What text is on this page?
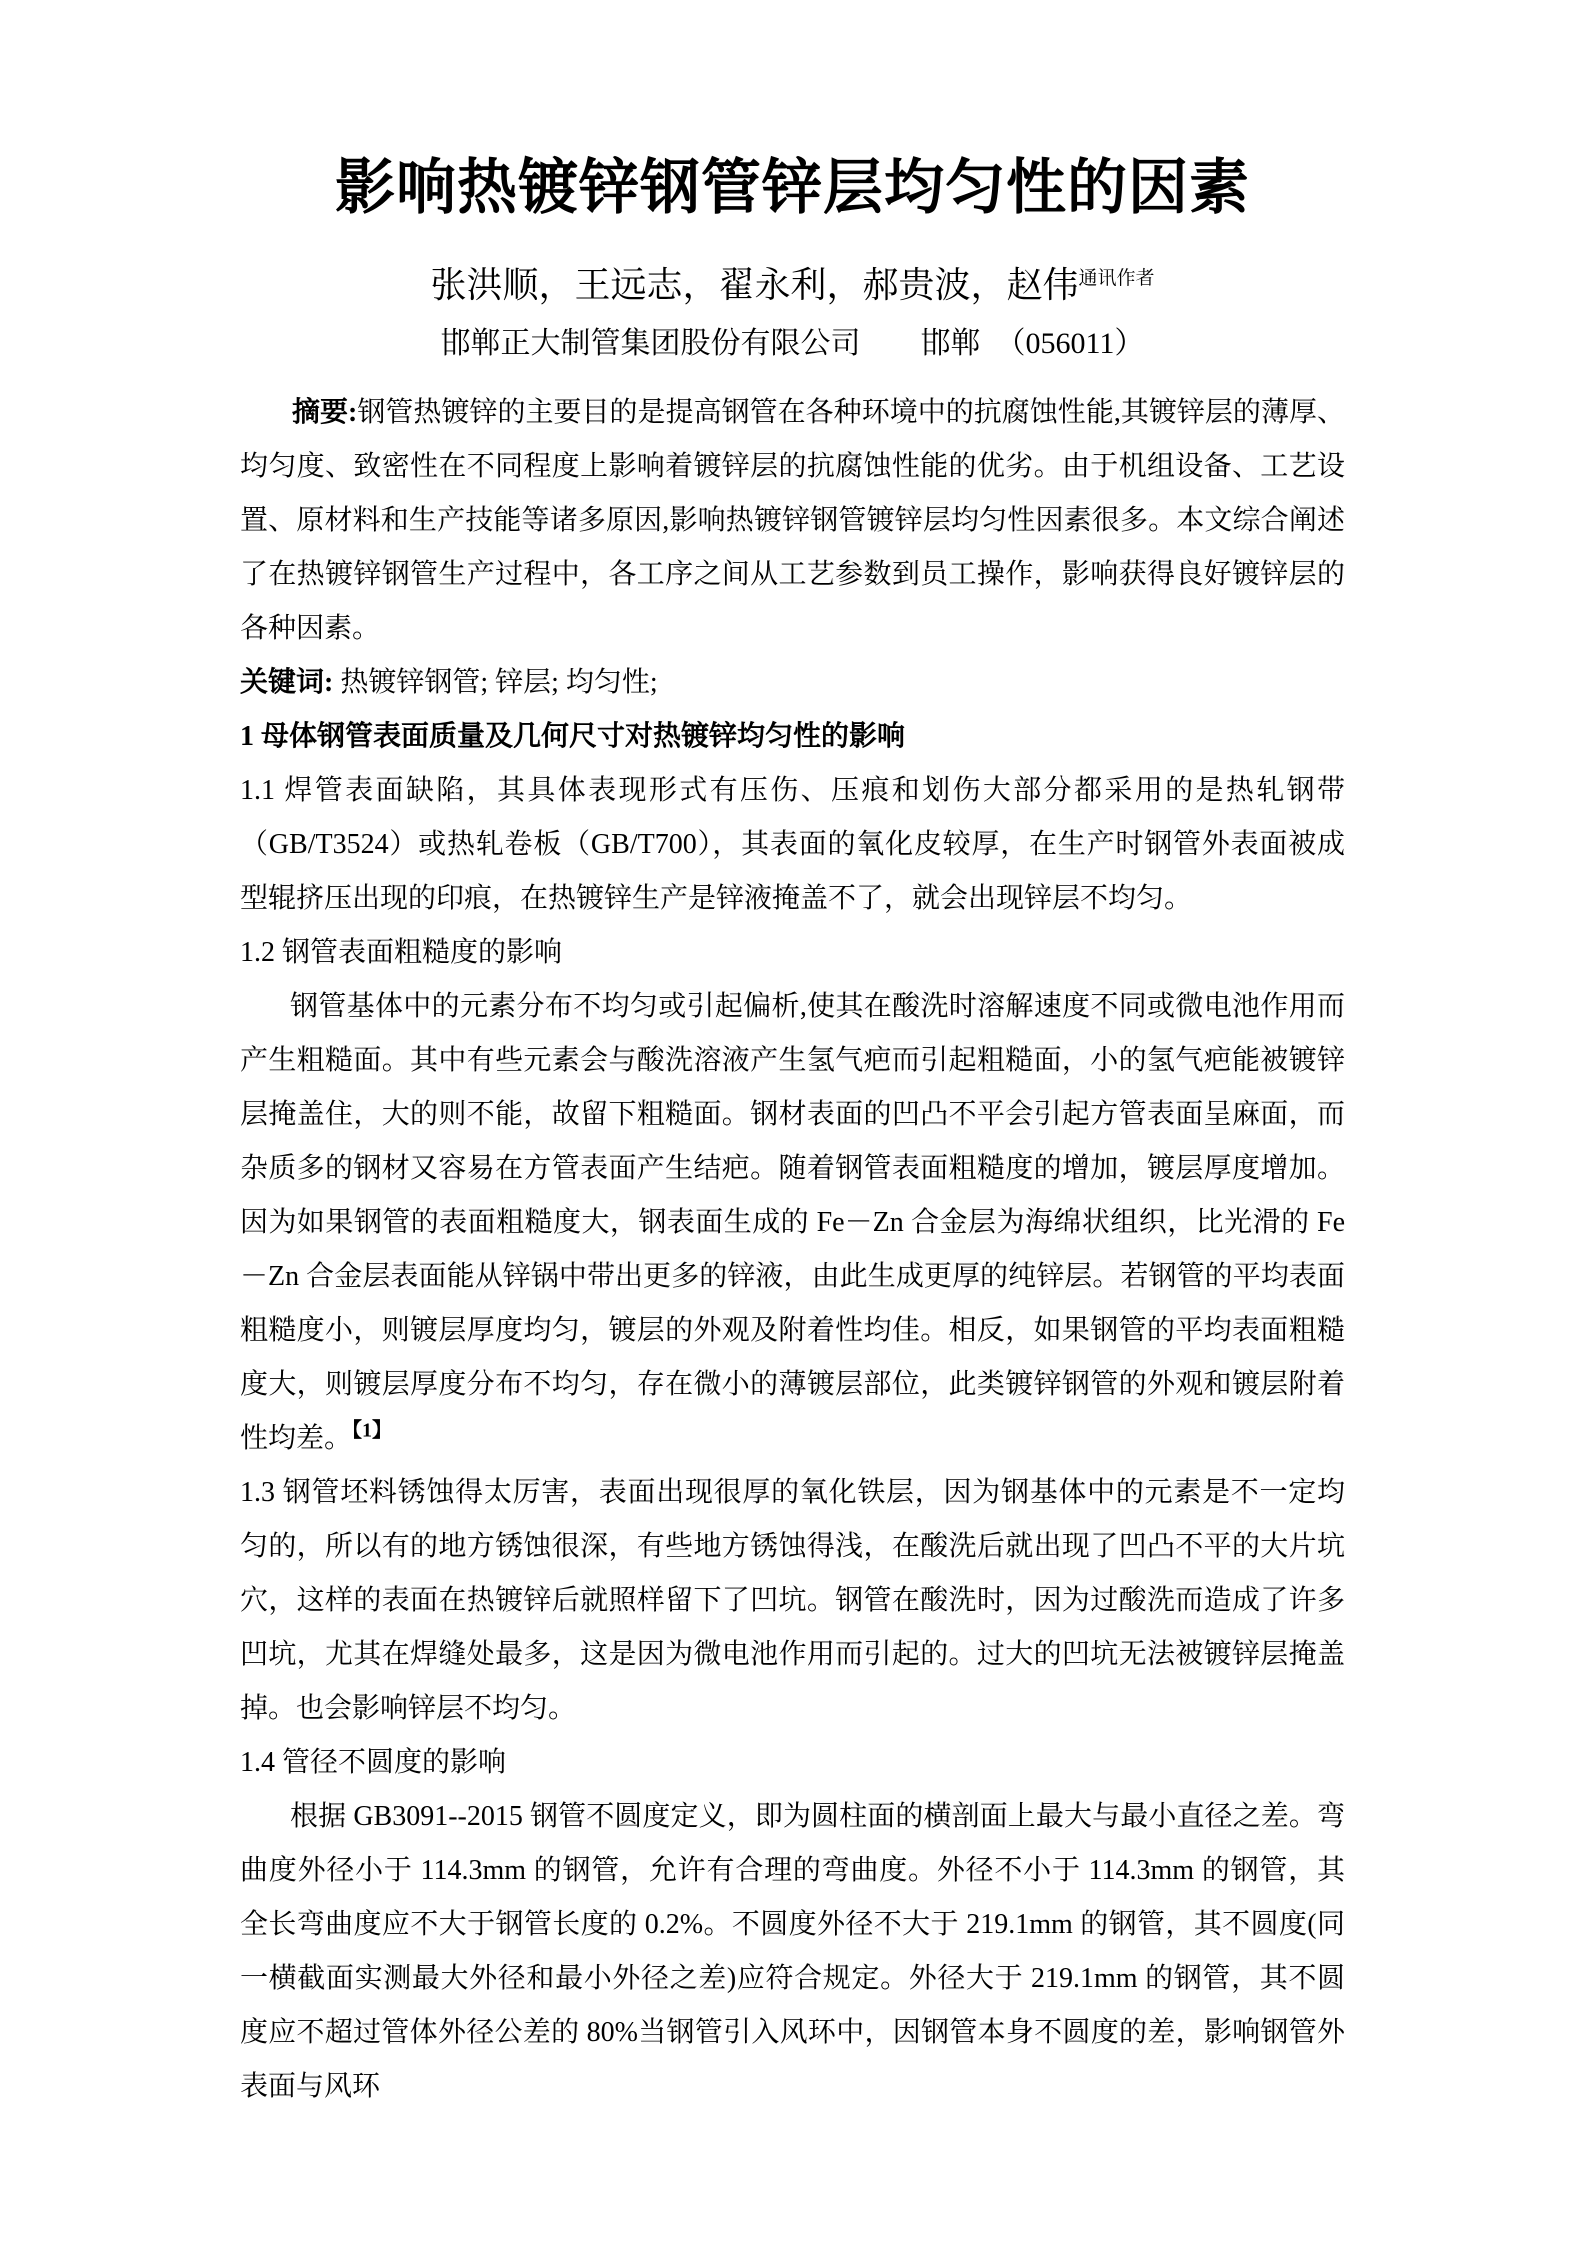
影响热镀锌钢管锌层均匀性的因素

张洪顺，王远志，翟永利，郝贵波，赵伟$^{通讯作者}$

邯郸正大制管集团股份有限公司　　邯郸　（056011）

摘要:钢管热镀锌的主要目的是提高钢管在各种环境中的抗腐蚀性能,其镀锌层的薄厚、均匀度、致密性在不同程度上影响着镀锌层的抗腐蚀性能的优劣。由于机组设备、工艺设置、原材料和生产技能等诸多原因,影响热镀锌钢管镀锌层均匀性因素很多。本文综合阐述了在热镀锌钢管生产过程中，各工序之间从工艺参数到员工操作，影响获得良好镀锌层的各种因素。

关键词: 热镀锌钢管; 锌层; 均匀性;

1 母体钢管表面质量及几何尺寸对热镀锌均匀性的影响

1.1 焊管表面缺陷，其具体表现形式有压伤、压痕和划伤大部分都采用的是热轧钢带（GB/T3524）或热轧卷板（GB/T700），其表面的氧化皮较厚，在生产时钢管外表面被成型辊挤压出现的印痕，在热镀锌生产是锌液掩盖不了，就会出现锌层不均匀。

1.2 钢管表面粗糙度的影响

钢管基体中的元素分布不均匀或引起偏析,使其在酸洗时溶解速度不同或微电池作用而产生粗糙面。其中有些元素会与酸洗溶液产生氢气疤而引起粗糙面，小的氢气疤能被镀锌层掩盖住，大的则不能，故留下粗糙面。钢材表面的凹凸不平会引起方管表面呈麻面，而杂质多的钢材又容易在方管表面产生结疤。随着钢管表面粗糙度的增加，镀层厚度增加。因为如果钢管的表面粗糙度大，钢表面生成的 Fe－Zn 合金层为海绵状组织，比光滑的 Fe－Zn 合金层表面能从锌锅中带出更多的锌液，由此生成更厚的纯锌层。若钢管的平均表面粗糙度小，则镀层厚度均匀，镀层的外观及附着性均佳。相反，如果钢管的平均表面粗糙度大，则镀层厚度分布不均匀，存在微小的薄镀层部位，此类镀锌钢管的外观和镀层附着性均差。$^{【1】}$

1.3 钢管坯料锈蚀得太厉害，表面出现很厚的氧化铁层，因为钢基体中的元素是不一定均匀的，所以有的地方锈蚀很深，有些地方锈蚀得浅，在酸洗后就出现了凹凸不平的大片坑穴，这样的表面在热镀锌后就照样留下了凹坑。钢管在酸洗时，因为过酸洗而造成了许多凹坑，尤其在焊缝处最多，这是因为微电池作用而引起的。过大的凹坑无法被镀锌层掩盖掉。也会影响锌层不均匀。

1.4 管径不圆度的影响

根据 GB3091--2015 钢管不圆度定义，即为圆柱面的横剖面上最大与最小直径之差。弯曲度外径小于 114.3mm 的钢管，允许有合理的弯曲度。外径不小于 114.3mm 的钢管，其全长弯曲度应不大于钢管长度的 0.2%。不圆度外径不大于 219.1mm 的钢管，其不圆度(同一横截面实测最大外径和最小外径之差)应符合规定。外径大于 219.1mm 的钢管，其不圆度应不超过管体外径公差的 80%当钢管引入风环中，因钢管本身不圆度的差，影响钢管外表面与风环
